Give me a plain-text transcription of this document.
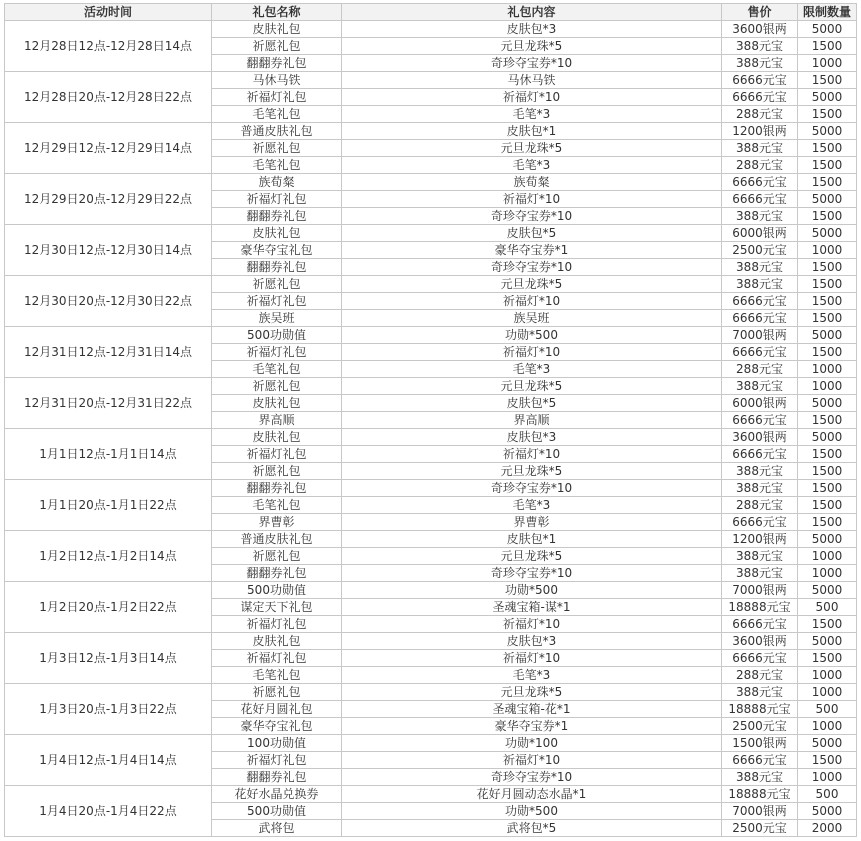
活动时间	礼包名称	礼包内容	售价	限制数量
12月28日12点-12月28日14点	皮肤礼包	皮肤包*3	3600银两	5000
	祈愿礼包	元旦龙珠*5	388元宝	1500
	翻翻券礼包	奇珍夺宝券*10	388元宝	1000
12月28日20点-12月28日22点	马休马铁	马休马铁	6666元宝	1500
	祈福灯礼包	祈福灯*10	6666元宝	5000
	毛笔礼包	毛笔*3	288元宝	1500
12月29日12点-12月29日14点	普通皮肤礼包	皮肤包*1	1200银两	5000
	祈愿礼包	元旦龙珠*5	388元宝	1500
	毛笔礼包	毛笔*3	288元宝	1500
12月29日20点-12月29日22点	族荀粲	族荀粲	6666元宝	1500
	祈福灯礼包	祈福灯*10	6666元宝	5000
	翻翻券礼包	奇珍夺宝券*10	388元宝	1500
12月30日12点-12月30日14点	皮肤礼包	皮肤包*5	6000银两	5000
	豪华夺宝礼包	豪华夺宝券*1	2500元宝	1000
	翻翻券礼包	奇珍夺宝券*10	388元宝	1500
12月30日20点-12月30日22点	祈愿礼包	元旦龙珠*5	388元宝	1500
	祈福灯礼包	祈福灯*10	6666元宝	1500
	族吴班	族吴班	6666元宝	1500
12月31日12点-12月31日14点	500功勋值	功勋*500	7000银两	5000
	祈福灯礼包	祈福灯*10	6666元宝	1500
	毛笔礼包	毛笔*3	288元宝	1000
12月31日20点-12月31日22点	祈愿礼包	元旦龙珠*5	388元宝	1000
	皮肤礼包	皮肤包*5	6000银两	5000
	界高顺	界高顺	6666元宝	1500
1月1日12点-1月1日14点	皮肤礼包	皮肤包*3	3600银两	5000
	祈福灯礼包	祈福灯*10	6666元宝	1500
	祈愿礼包	元旦龙珠*5	388元宝	1500
1月1日20点-1月1日22点	翻翻券礼包	奇珍夺宝券*10	388元宝	1500
	毛笔礼包	毛笔*3	288元宝	1500
	界曹彰	界曹彰	6666元宝	1500
1月2日12点-1月2日14点	普通皮肤礼包	皮肤包*1	1200银两	5000
	祈愿礼包	元旦龙珠*5	388元宝	1000
	翻翻券礼包	奇珍夺宝券*10	388元宝	1000
1月2日20点-1月2日22点	500功勋值	功勋*500	7000银两	5000
	谋定天下礼包	圣魂宝箱-谋*1	18888元宝	500
	祈福灯礼包	祈福灯*10	6666元宝	1500
1月3日12点-1月3日14点	皮肤礼包	皮肤包*3	3600银两	5000
	祈福灯礼包	祈福灯*10	6666元宝	1500
	毛笔礼包	毛笔*3	288元宝	1000
1月3日20点-1月3日22点	祈愿礼包	元旦龙珠*5	388元宝	1000
	花好月圆礼包	圣魂宝箱-花*1	18888元宝	500
	豪华夺宝礼包	豪华夺宝券*1	2500元宝	1000
1月4日12点-1月4日14点	100功勋值	功勋*100	1500银两	5000
	祈福灯礼包	祈福灯*10	6666元宝	1500
	翻翻券礼包	奇珍夺宝券*10	388元宝	1000
1月4日20点-1月4日22点	花好水晶兑换券	花好月圆动态水晶*1	18888元宝	500
	500功勋值	功勋*500	7000银两	5000
	武将包	武将包*5	2500元宝	2000
